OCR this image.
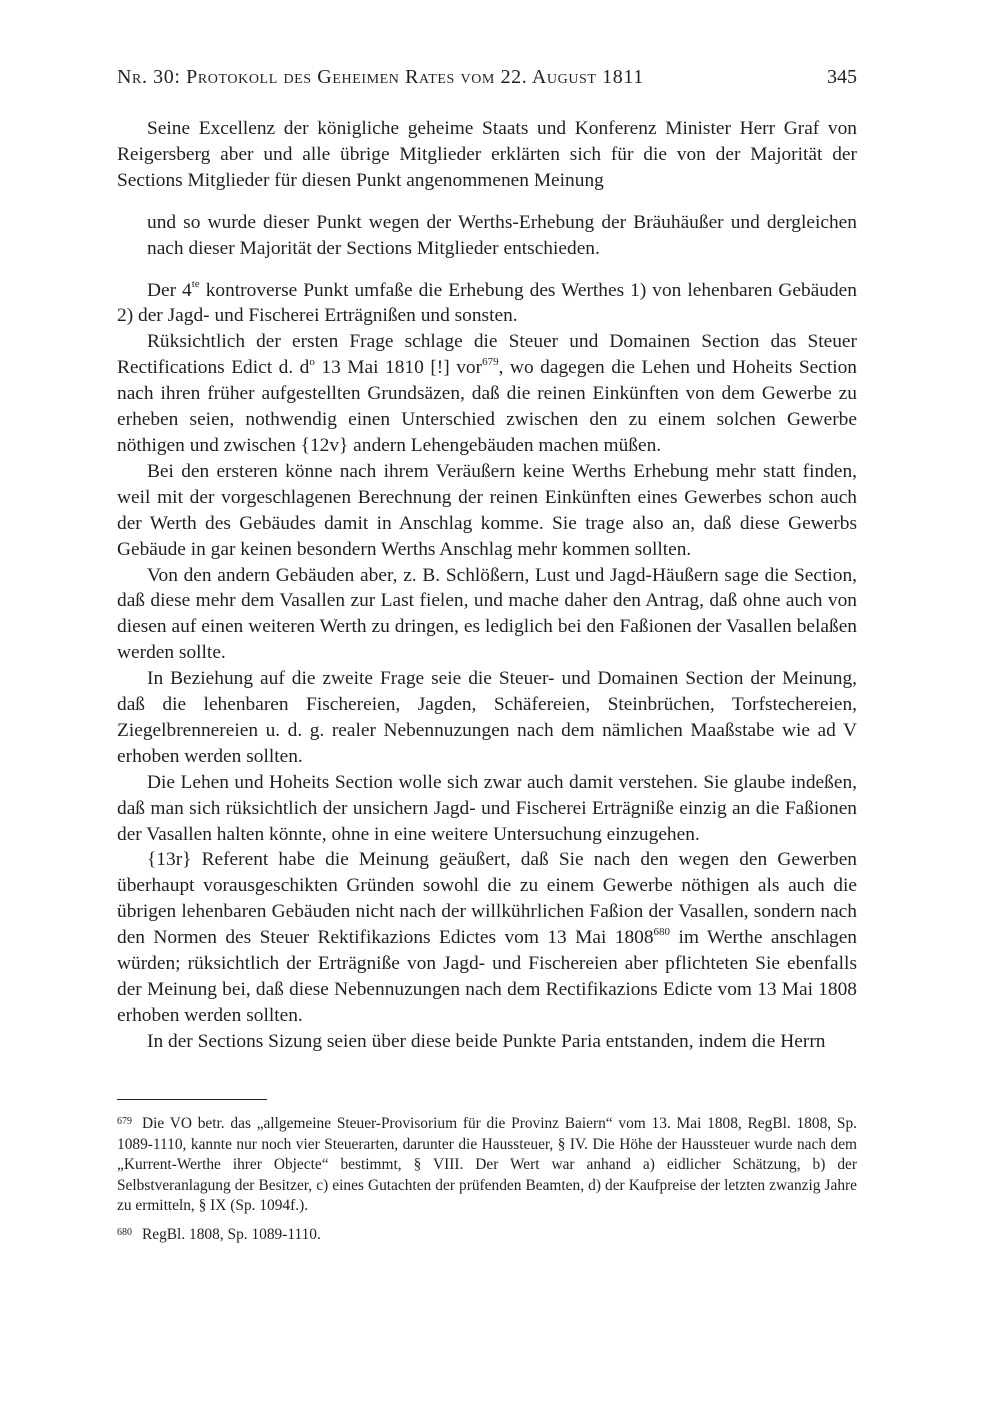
Nr. 30: Protokoll des Geheimen Rates vom 22. August 1811	345

Seine Excellenz der königliche geheime Staats und Konferenz Minister Herr Graf von Reigersberg aber und alle übrige Mitglieder erklärten sich für die von der Majorität der Sections Mitglieder für diesen Punkt angenommenen Meinung

und so wurde dieser Punkt wegen der Werths-Erhebung der Bräuhäußer und dergleichen nach dieser Majorität der Sections Mitglieder entschieden.

Der $4^{te}$ kontroverse Punkt umfaße die Erhebung des Werthes 1) von lehenbaren Gebäuden 2) der Jagd- und Fischerei Erträgnißen und sonsten.

Rüksichtlich der ersten Frage schlage die Steuer und Domainen Section das Steuer Rectifications Edict d. $d^o$ 13 Mai 1810 [!] vor$^{679}$, wo dagegen die Lehen und Hoheits Section nach ihren früher aufgestellten Grundsäzen, daß die reinen Einkünften von dem Gewerbe zu erheben seien, nothwendig einen Unterschied zwischen den zu einem solchen Gewerbe nöthigen und zwischen {12v} andern Lehengebäuden machen müßen.

Bei den ersteren könne nach ihrem Veräußern keine Werths Erhebung mehr statt finden, weil mit der vorgeschlagenen Berechnung der reinen Einkünften eines Gewerbes schon auch der Werth des Gebäudes damit in Anschlag komme. Sie trage also an, daß diese Gewerbs Gebäude in gar keinen besondern Werths Anschlag mehr kommen sollten.

Von den andern Gebäuden aber, z. B. Schlößern, Lust und Jagd-Häußern sage die Section, daß diese mehr dem Vasallen zur Last fielen, und mache daher den Antrag, daß ohne auch von diesen auf einen weiteren Werth zu dringen, es lediglich bei den Faßionen der Vasallen belaßen werden sollte.

In Beziehung auf die zweite Frage seie die Steuer- und Domainen Section der Meinung, daß die lehenbaren Fischereien, Jagden, Schäfereien, Steinbrüchen, Torfstechereien, Ziegelbrennereien u. d. g. realer Nebennuzungen nach dem nämlichen Maaßstabe wie ad V erhoben werden sollten.

Die Lehen und Hoheits Section wolle sich zwar auch damit verstehen. Sie glaube indeßen, daß man sich rüksichtlich der unsichern Jagd- und Fischerei Erträgniße einzig an die Faßionen der Vasallen halten könnte, ohne in eine weitere Untersuchung einzugehen.

{13r} Referent habe die Meinung geäußert, daß Sie nach den wegen den Gewerben überhaupt vorausgeschikten Gründen sowohl die zu einem Gewerbe nöthigen als auch die übrigen lehenbaren Gebäuden nicht nach der willkührlichen Faßion der Vasallen, sondern nach den Normen des Steuer Rektifikazions Edictes vom 13 Mai 1808$^{680}$ im Werthe anschlagen würden; rüksichtlich der Erträgniße von Jagd- und Fischereien aber pflichteten Sie ebenfalls der Meinung bei, daß diese Nebennuzungen nach dem Rectifikazions Edicte vom 13 Mai 1808 erhoben werden sollten.

In der Sections Sizung seien über diese beide Punkte Paria entstanden, indem die Herrn

$^{679}$ Die VO betr. das „allgemeine Steuer-Provisorium für die Provinz Baiern“ vom 13. Mai 1808, RegBl. 1808, Sp. 1089-1110, kannte nur noch vier Steuerarten, darunter die Haussteuer, § IV. Die Höhe der Haussteuer wurde nach dem „Kurrent-Werthe ihrer Objecte“ bestimmt, § VIII. Der Wert war anhand a) eidlicher Schätzung, b) der Selbstveranlagung der Besitzer, c) eines Gutachten der prüfenden Beamten, d) der Kaufpreise der letzten zwanzig Jahre zu ermitteln, § IX (Sp. 1094f.).

$^{680}$ RegBl. 1808, Sp. 1089-1110.
